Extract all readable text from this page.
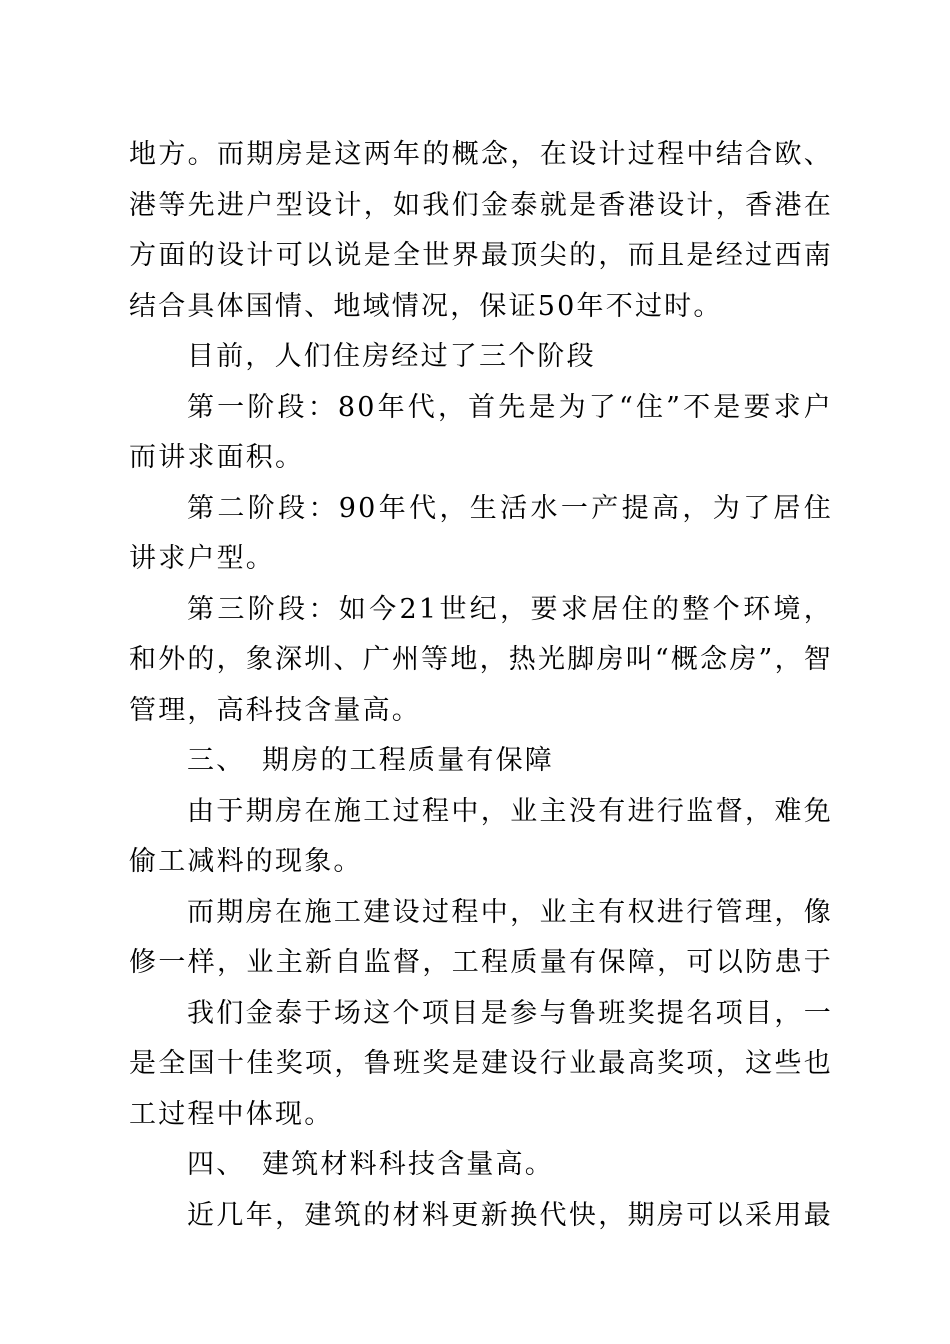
地方。而期房是这两年的概念，在设计过程中结合欧、
港等先进户型设计，如我们金泰就是香港设计，香港在
方面的设计可以说是全世界最顶尖的，而且是经过西南
结合具体国情、地域情况，保证50年不过时。
目前，人们住房经过了三个阶段
第一阶段：80年代，首先是为了“住”不是要求户
而讲求面积。
第二阶段：90年代，生活水一产提高，为了居住
讲求户型。
第三阶段：如今21世纪，要求居住的整个环境，
和外的，象深圳、广州等地，热光脚房叫“概念房”，智
管理，高科技含量高。
三、 期房的工程质量有保障
由于期房在施工过程中，业主没有进行监督，难免
偷工减料的现象。
而期房在施工建设过程中，业主有权进行管理，像
修一样，业主新自监督，工程质量有保障，可以防患于
我们金泰于场这个项目是参与鲁班奖提名项目，一
是全国十佳奖项，鲁班奖是建设行业最高奖项，这些也
工过程中体现。
四、 建筑材料科技含量高。
近几年，建筑的材料更新换代快，期房可以采用最
